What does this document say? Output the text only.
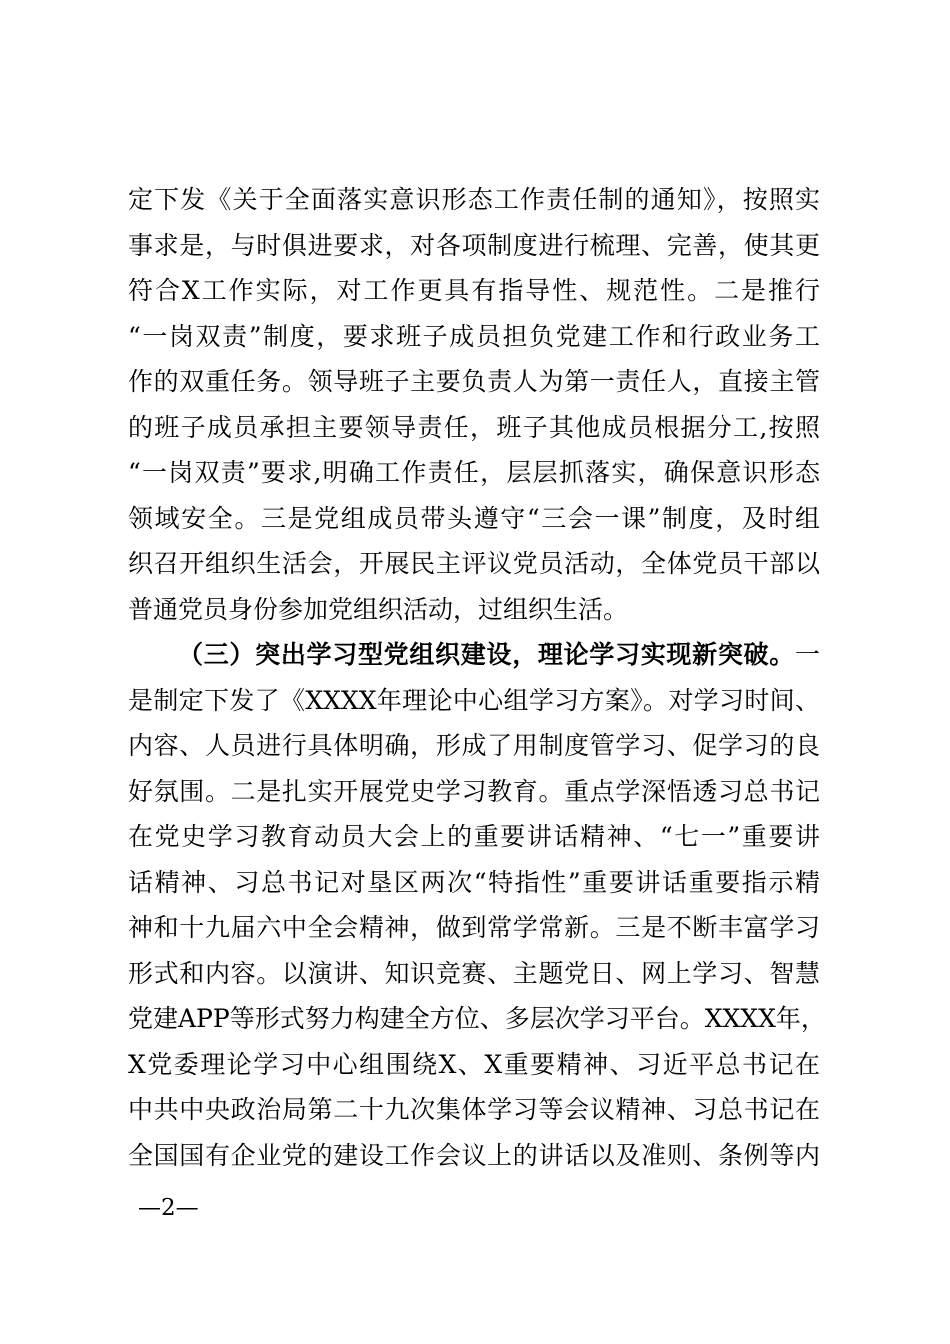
定下发《关于全面落实意识形态工作责任制的通知》，按照实
事求是，与时俱进要求，对各项制度进行梳理、完善，使其更
符合X工作实际，对工作更具有指导性、规范性。二是推行
“一岗双责”制度，要求班子成员担负党建工作和行政业务工
作的双重任务。领导班子主要负责人为第一责任人，直接主管
的班子成员承担主要领导责任，班子其他成员根据分工,按照
“一岗双责”要求,明确工作责任，层层抓落实，确保意识形态
领域安全。三是党组成员带头遵守“三会一课”制度，及时组
织召开组织生活会，开展民主评议党员活动，全体党员干部以
普通党员身份参加党组织活动，过组织生活。
（三）突出学习型党组织建设，理论学习实现新突破。一
是制定下发了《XXXX年理论中心组学习方案》。对学习时间、
内容、人员进行具体明确，形成了用制度管学习、促学习的良
好氛围。二是扎实开展党史学习教育。重点学深悟透习总书记
在党史学习教育动员大会上的重要讲话精神、“七一”重要讲
话精神、习总书记对垦区两次“特指性”重要讲话重要指示精
神和十九届六中全会精神，做到常学常新。三是不断丰富学习
形式和内容。以演讲、知识竞赛、主题党日、网上学习、智慧
党建APP等形式努力构建全方位、多层次学习平台。XXXX年，
X党委理论学习中心组围绕X、X重要精神、习近平总书记在
中共中央政治局第二十九次集体学习等会议精神、习总书记在
全国国有企业党的建设工作会议上的讲话以及准则、条例等内
—2—
